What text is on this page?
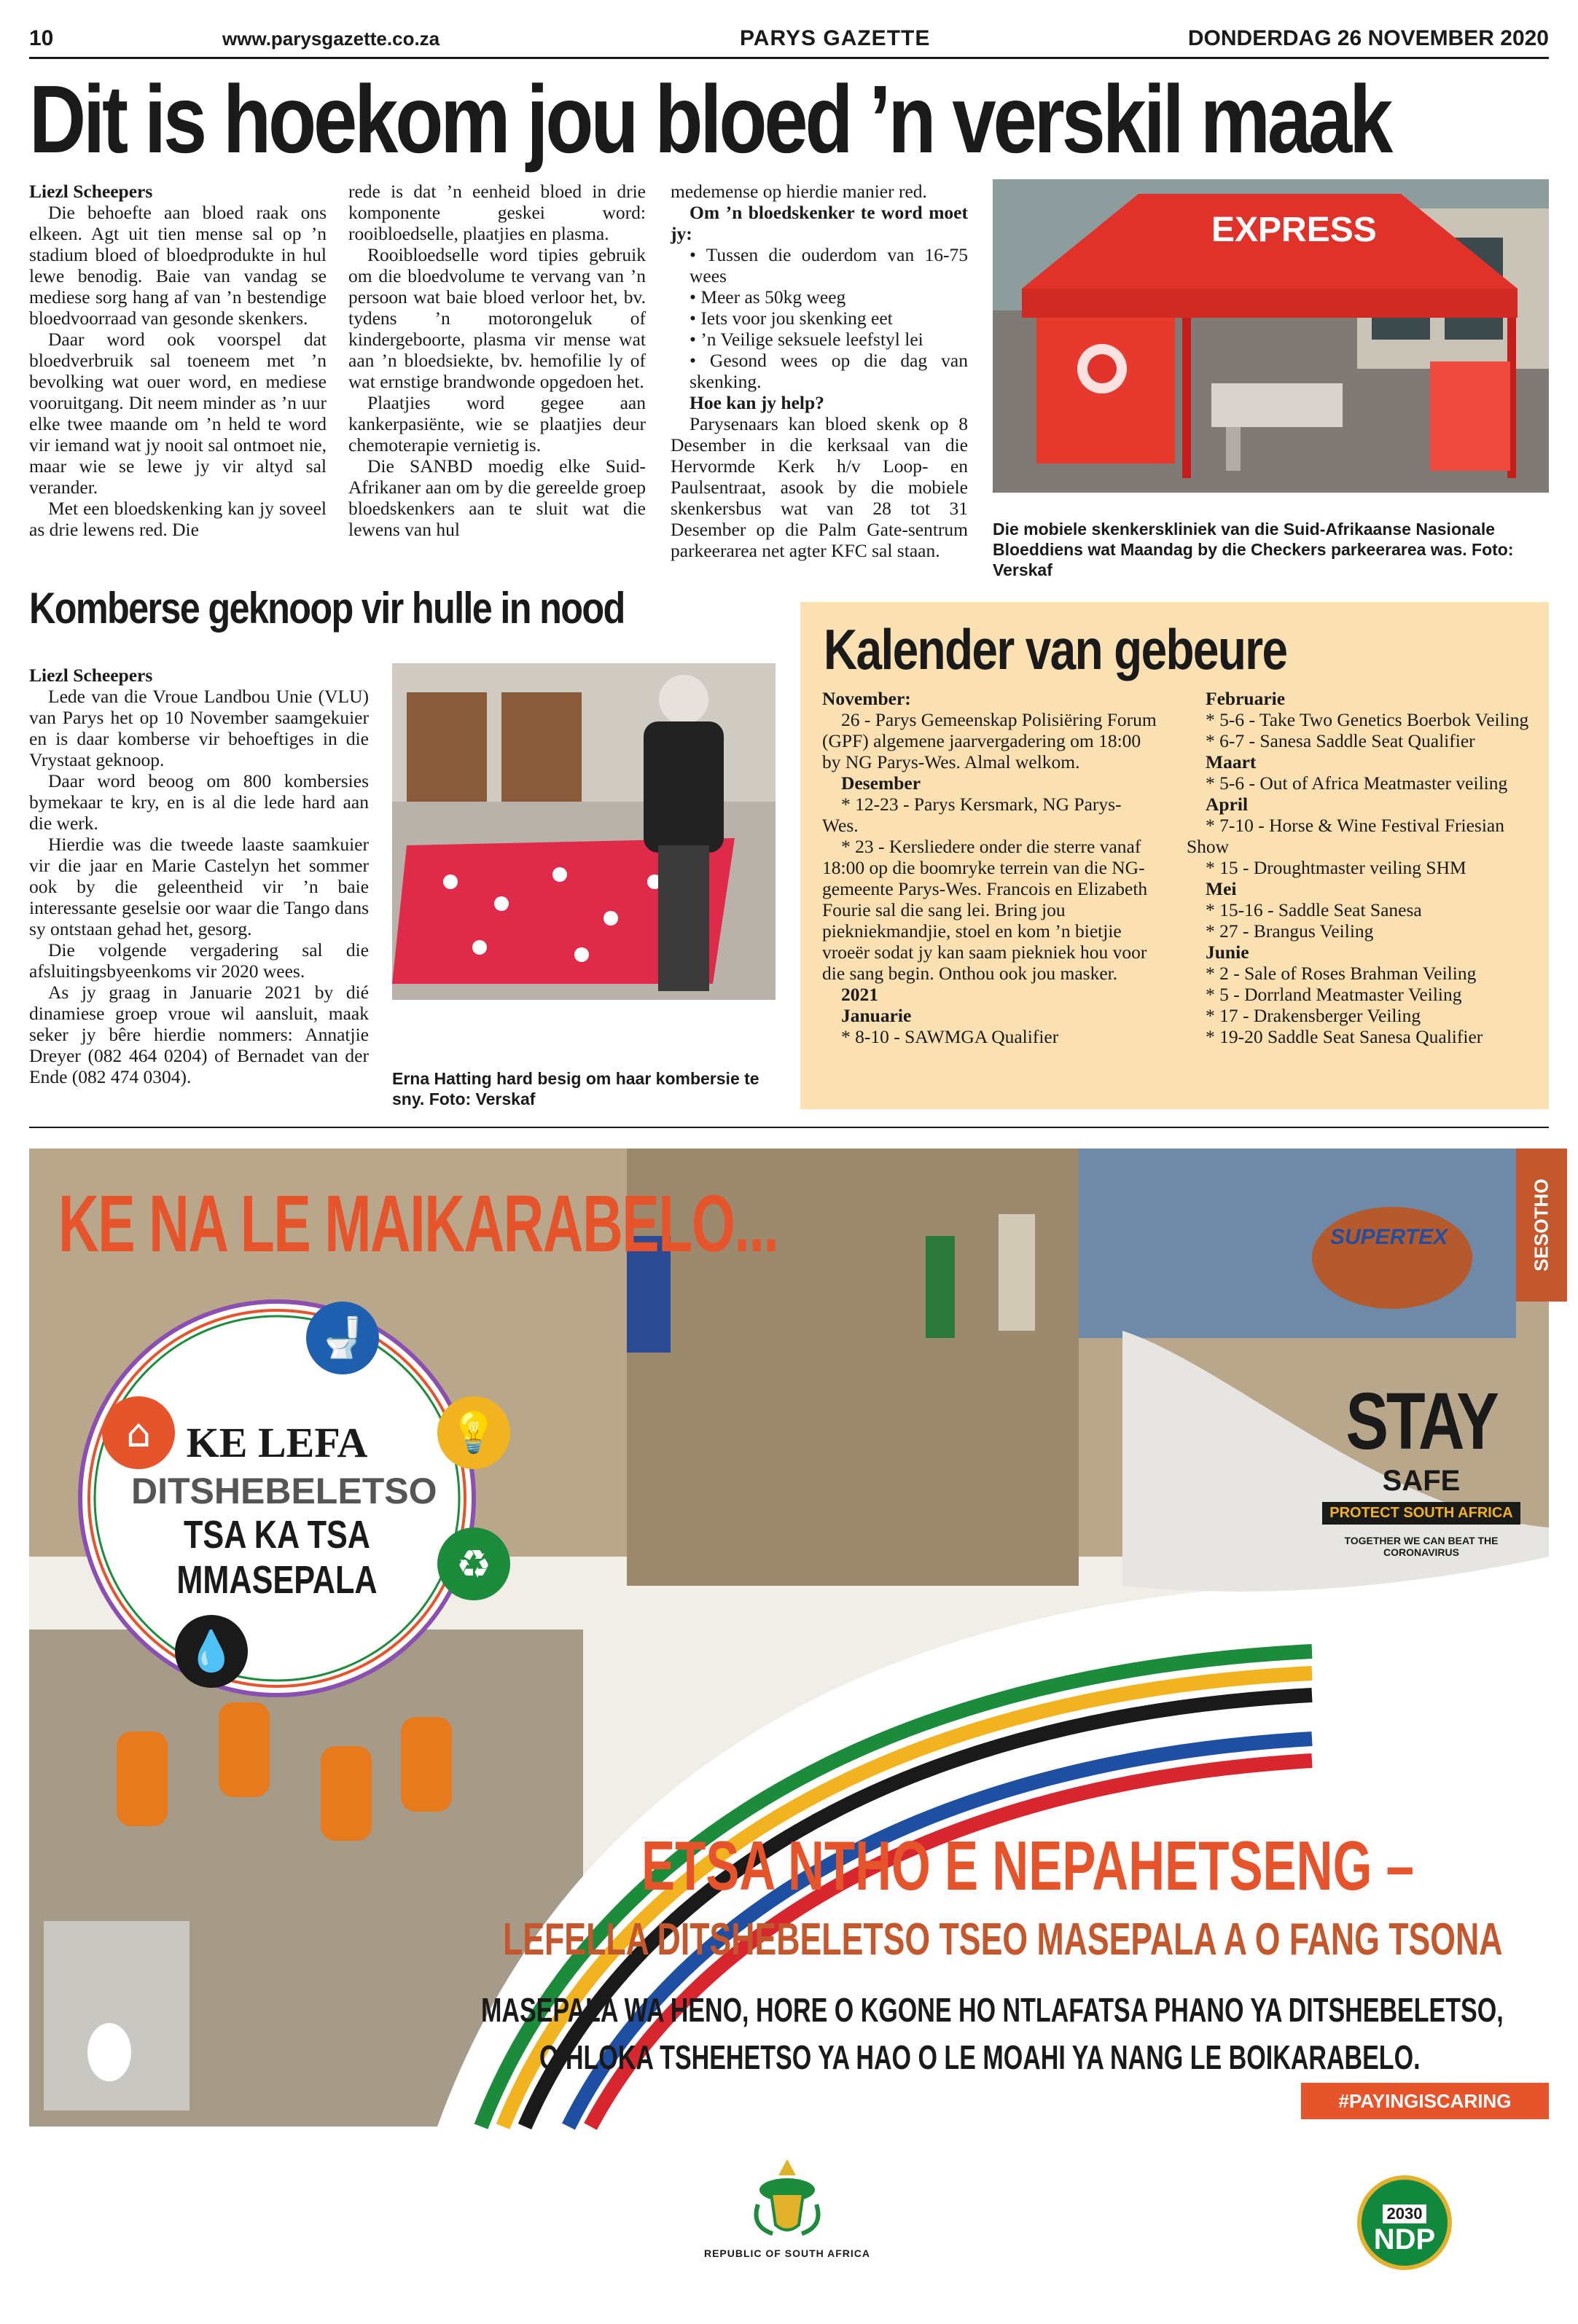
10	www.parysgazette.co.za	PARYS GAZETTE	DONDERDAG 26 NOVEMBER 2020
Dit is hoekom jou bloed ’n verskil maak

Liezl Scheepers

Die behoefte aan bloed raak ons elkeen. Agt uit tien mense sal op ’n stadium bloed of bloedprodukte in hul lewe benodig. Baie van vandag se mediese sorg hang af van ’n bestendige bloedvoorraad van gesonde skenkers.

Daar word ook voorspel dat bloedverbruik sal toeneem met ’n bevolking wat ouer word, en mediese vooruitgang. Dit neem minder as ’n uur elke twee maande om ’n held te word vir iemand wat jy nooit sal ontmoet nie, maar wie se lewe jy vir altyd sal verander.

Met een bloedskenking kan jy soveel as drie lewens red. Die

rede is dat ’n eenheid bloed in drie komponente geskei word: rooibloedselle, plaatjies en plasma.

Rooibloedselle word tipies gebruik om die bloedvolume te vervang van ’n persoon wat baie bloed verloor het, bv. tydens ’n motorongeluk of kindergeboorte, plasma vir mense wat aan ’n bloedsiekte, bv. hemofilie ly of wat ernstige brandwonde opgedoen het.

Plaatjies word gegee aan kankerpasiënte, wie se plaatjies deur chemoterapie vernietig is.

Die SANBD moedig elke Suid-Afrikaner aan om by die gereelde groep bloedskenkers aan te sluit wat die lewens van hul

medemense op hierdie manier red.

Om ’n bloedskenker te word moet jy:

• Tussen die ouderdom van 16-75 wees
• Meer as 50kg weeg
• Iets voor jou skenking eet
• ’n Veilige seksuele leefstyl lei
• Gesond wees op die dag van skenking.

Hoe kan jy help?

Parysenaars kan bloed skenk op 8 Desember in die kerksaal van die Hervormde Kerk h/v Loop- en Paulsentraat, asook by die mobiele skenkersbus wat van 28 tot 31 Desember op die Palm Gate-sentrum parkeerarea net agter KFC sal staan.

EXPRESS

Die mobiele skenkerskliniek van die Suid-Afrikaanse Nasionale Bloeddiens wat Maandag by die Checkers parkeerarea was. Foto: Verskaf

Komberse geknoop vir hulle in nood

Liezl Scheepers

Lede van die Vroue Landbou Unie (VLU) van Parys het op 10 November saamgekuier en is daar komberse vir behoeftiges in die Vrystaat geknoop.

Daar word beoog om 800 kombersies bymekaar te kry, en is al die lede hard aan die werk.

Hierdie was die tweede laaste saamkuier vir die jaar en Marie Castelyn het sommer ook by die geleentheid vir ’n baie interessante geselsie oor waar die Tango dans sy ontstaan gehad het, gesorg.

Die volgende vergadering sal die afsluitingsbyeenkoms vir 2020 wees.

As jy graag in Januarie 2021 by dié dinamiese groep vroue wil aansluit, maak seker jy bêre hierdie nommers: Annatjie Dreyer (082 464 0204) of Bernadet van der Ende (082 474 0304).	Erna Hatting hard besig om haar kombersie te sny. Foto: Verskaf

Kalender van gebeure

November:

26 - Parys Gemeenskap Polisiëring Forum (GPF) algemene jaarvergadering om 18:00 by NG Parys-Wes. Almal welkom.

Desember

* 12-23 - Parys Kersmark, NG Parys-Wes.

* 23 - Kersliedere onder die sterre vanaf 18:00 op die boomryke terrein van die NG-gemeente Parys-Wes. Francois en Elizabeth Fourie sal die sang lei. Bring jou piekniekmandjie, stoel en kom ’n bietjie vroeër sodat jy kan saam piekniek hou voor die sang begin. Onthou ook jou masker.

2021

Januarie

* 8-10 - SAWMGA Qualifier

Februarie

* 5-6 - Take Two Genetics Boerbok Veiling

* 6-7 - Sanesa Saddle Seat Qualifier

Maart

* 5-6 - Out of Africa Meatmaster veiling

April

* 7-10 - Horse & Wine Festival Friesian Show

* 15 - Droughtmaster veiling SHM

Mei

* 15-16 - Saddle Seat Sanesa

* 27 - Brangus Veiling

Junie

* 2 - Sale of Roses Brahman Veiling

* 5 - Dorrland Meatmaster Veiling

* 17 - Drakensberger Veiling

* 19-20 Saddle Seat Sanesa Qualifier

KE NA LE MAIKARABELO...	SESOTHO
SUPERTEX
🚽
⌂	💡
♻
💧
KE LEFA
DITSHEBELETSO
TSA KA TSA
MMASEPALA
STAY
SAFE
PROTECT SOUTH AFRICA
TOGETHER WE CAN BEAT THE CORONAVIRUS
ETSA NTHO E NEPAHETSENG –
LEFELLA DITSHEBELETSO TSEO MASEPALA A O FANG TSONA
MASEPALA WA HENO, HORE O KGONE HO NTLAFATSA PHANO YA DITSHEBELETSO,
O HLOKA TSHEHETSO YA HAO O LE MOAHI YA NANG LE BOIKARABELO.
#PAYINGISCARING
REPUBLIC OF SOUTH AFRICA
2030
NDP
